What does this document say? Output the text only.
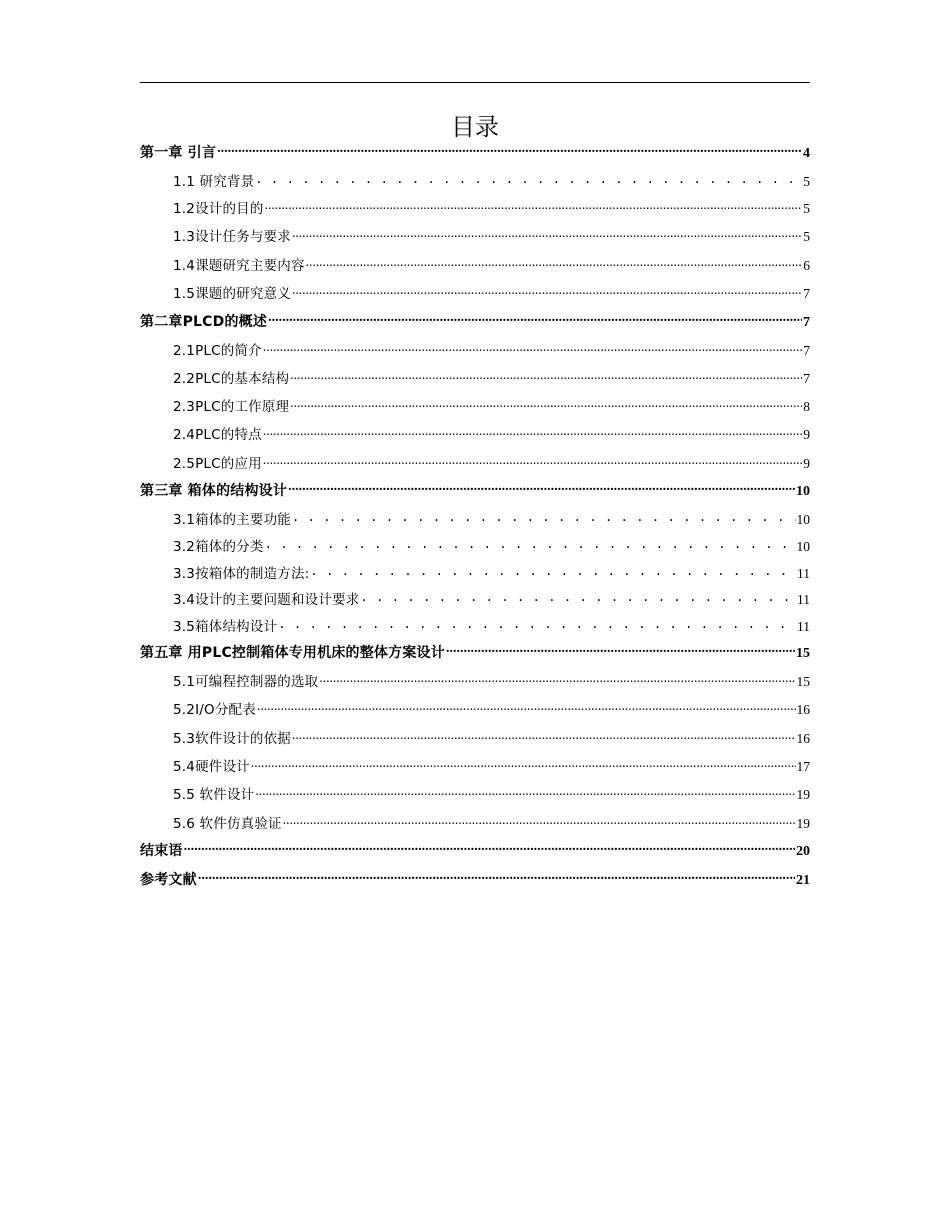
目录
第一章 引言 .....	4
1.1 研究背景 . . .	5
1.2设计的目的 .....	5
1.3设计任务与要求 .....	5
1.4课题研究主要内容 .....	6
1.5课题的研究意义 .....	7
第二章PLCD的概述 .....	7
2.1PLC的简介 .....	7
2.2PLC的基本结构 .....	7
2.3PLC的工作原理 .....	8
2.4PLC的特点 .....	9
2.5PLC的应用 .....	9
第三章 箱体的结构设计 .....	10
3.1箱体的主要功能 . . .	10
3.2箱体的分类 . . .	10
3.3按箱体的制造方法: . . .	11
3.4设计的主要问题和设计要求 . . .	11
3.5箱体结构设计 . . .	11
第五章 用PLC控制箱体专用机床的整体方案设计 .....	15
5.1可编程控制器的选取 .....	15
5.2I/O分配表 .....	16
5.3软件设计的依据 .....	16
5.4硬件设计 .....	17
5.5 软件设计 .....	19
5.6 软件仿真验证 .....	19
结束语 .....	20
参考文献 .....	21
